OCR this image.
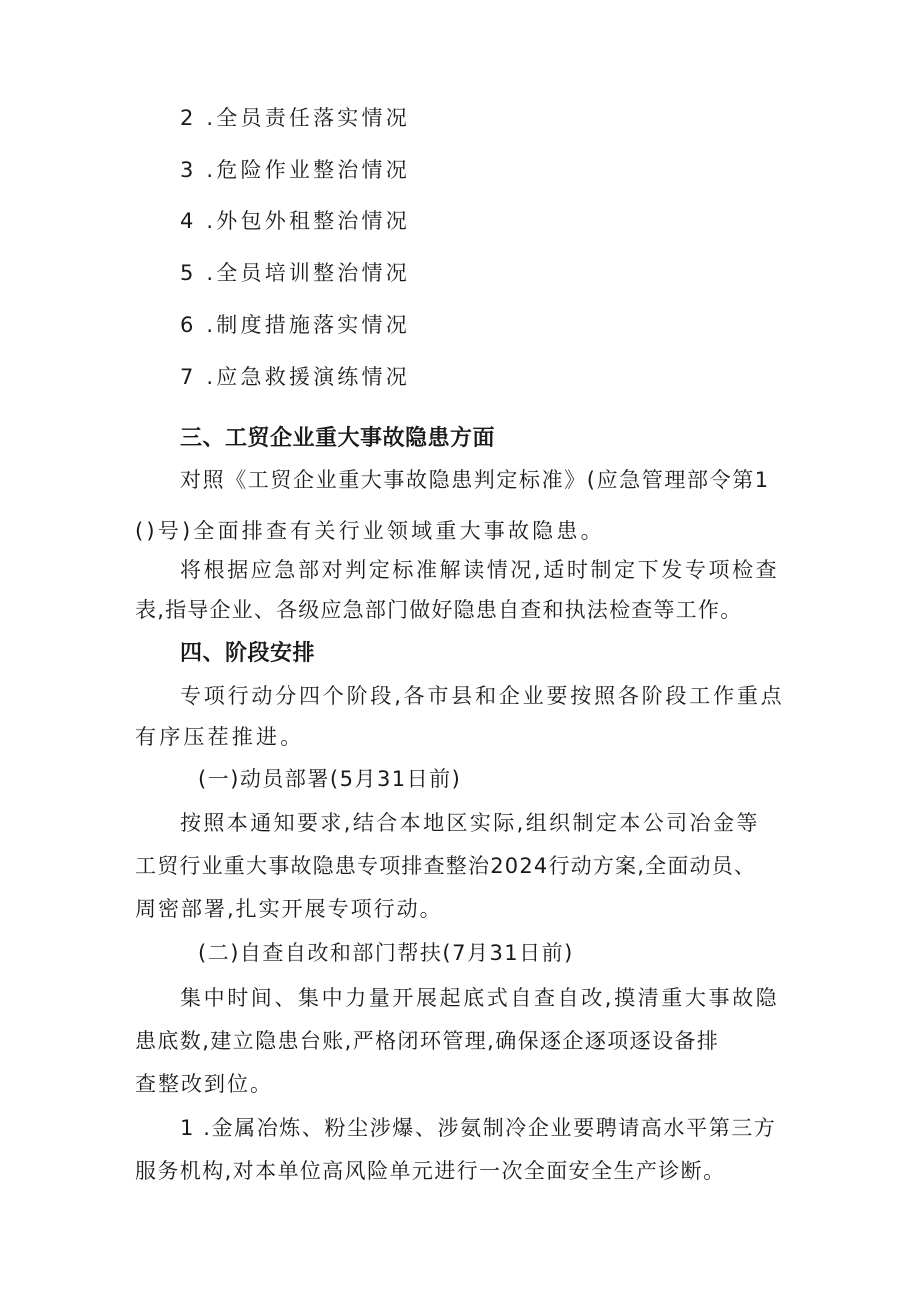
2 .全员责任落实情况
3 .危险作业整治情况
4 .外包外租整治情况
5 .全员培训整治情况
6 .制度措施落实情况
7 .应急救援演练情况
三、工贸企业重大事故隐患方面
对照《工贸企业重大事故隐患判定标准》(应急管理部令第1
()号)全面排查有关行业领域重大事故隐患。
将根据应急部对判定标准解读情况,适时制定下发专项检查
表,指导企业、各级应急部门做好隐患自查和执法检查等工作。
四、阶段安排
专项行动分四个阶段,各市县和企业要按照各阶段工作重点
有序压茬推进。
(一)动员部署(5月31日前)
按照本通知要求,结合本地区实际,组织制定本公司冶金等
工贸行业重大事故隐患专项排查整治2024行动方案,全面动员、
周密部署,扎实开展专项行动。
(二)自查自改和部门帮扶(7月31日前)
集中时间、集中力量开展起底式自查自改,摸清重大事故隐
患底数,建立隐患台账,严格闭环管理,确保逐企逐项逐设备排
查整改到位。
1 .金属冶炼、粉尘涉爆、涉氨制冷企业要聘请高水平第三方
服务机构,对本单位高风险单元进行一次全面安全生产诊断。
